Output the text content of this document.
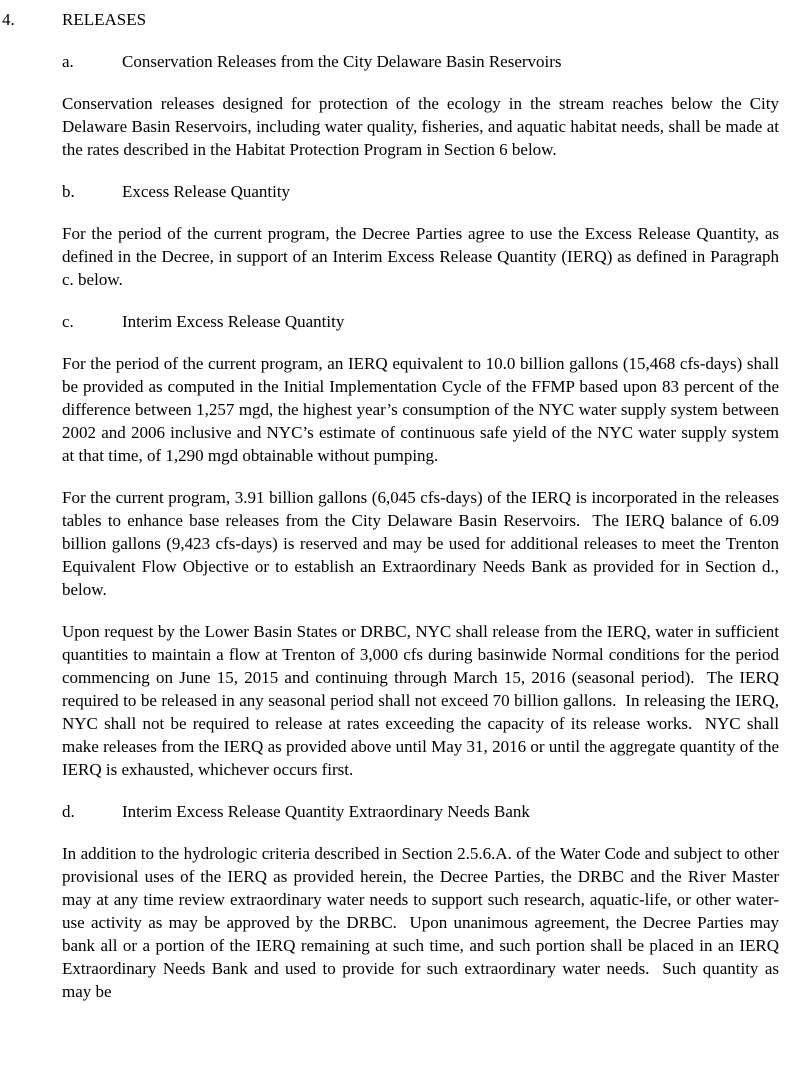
4.	RELEASES
a.	Conservation Releases from the City Delaware Basin Reservoirs

Conservation releases designed for protection of the ecology in the stream reaches below the City Delaware Basin Reservoirs, including water quality, fisheries, and aquatic habitat needs, shall be made at the rates described in the Habitat Protection Program in Section 6 below.

b.	Excess Release Quantity

For the period of the current program, the Decree Parties agree to use the Excess Release Quantity, as defined in the Decree, in support of an Interim Excess Release Quantity (IERQ) as defined in Paragraph c. below.

c.	Interim Excess Release Quantity

For the period of the current program, an IERQ equivalent to 10.0 billion gallons (15,468 cfs-days) shall be provided as computed in the Initial Implementation Cycle of the FFMP based upon 83 percent of the difference between 1,257 mgd, the highest year’s consumption of the NYC water supply system between 2002 and 2006 inclusive and NYC’s estimate of continuous safe yield of the NYC water supply system at that time, of 1,290 mgd obtainable without pumping.

For the current program, 3.91 billion gallons (6,045 cfs-days) of the IERQ is incorporated in the releases tables to enhance base releases from the City Delaware Basin Reservoirs.  The IERQ balance of 6.09 billion gallons (9,423 cfs-days) is reserved and may be used for additional releases to meet the Trenton Equivalent Flow Objective or to establish an Extraordinary Needs Bank as provided for in Section d., below.

Upon request by the Lower Basin States or DRBC, NYC shall release from the IERQ, water in sufficient quantities to maintain a flow at Trenton of 3,000 cfs during basinwide Normal conditions for the period commencing on June 15, 2015 and continuing through March 15, 2016 (seasonal period).  The IERQ required to be released in any seasonal period shall not exceed 70 billion gallons.  In releasing the IERQ, NYC shall not be required to release at rates exceeding the capacity of its release works.  NYC shall make releases from the IERQ as provided above until May 31, 2016 or until the aggregate quantity of the IERQ is exhausted, whichever occurs first.

d.	Interim Excess Release Quantity Extraordinary Needs Bank

In addition to the hydrologic criteria described in Section 2.5.6.A. of the Water Code and subject to other provisional uses of the IERQ as provided herein, the Decree Parties, the DRBC and the River Master may at any time review extraordinary water needs to support such research, aquatic-life, or other water-use activity as may be approved by the DRBC.  Upon unanimous agreement, the Decree Parties may bank all or a portion of the IERQ remaining at such time, and such portion shall be placed in an IERQ Extraordinary Needs Bank and used to provide for such extraordinary water needs.  Such quantity as may be
